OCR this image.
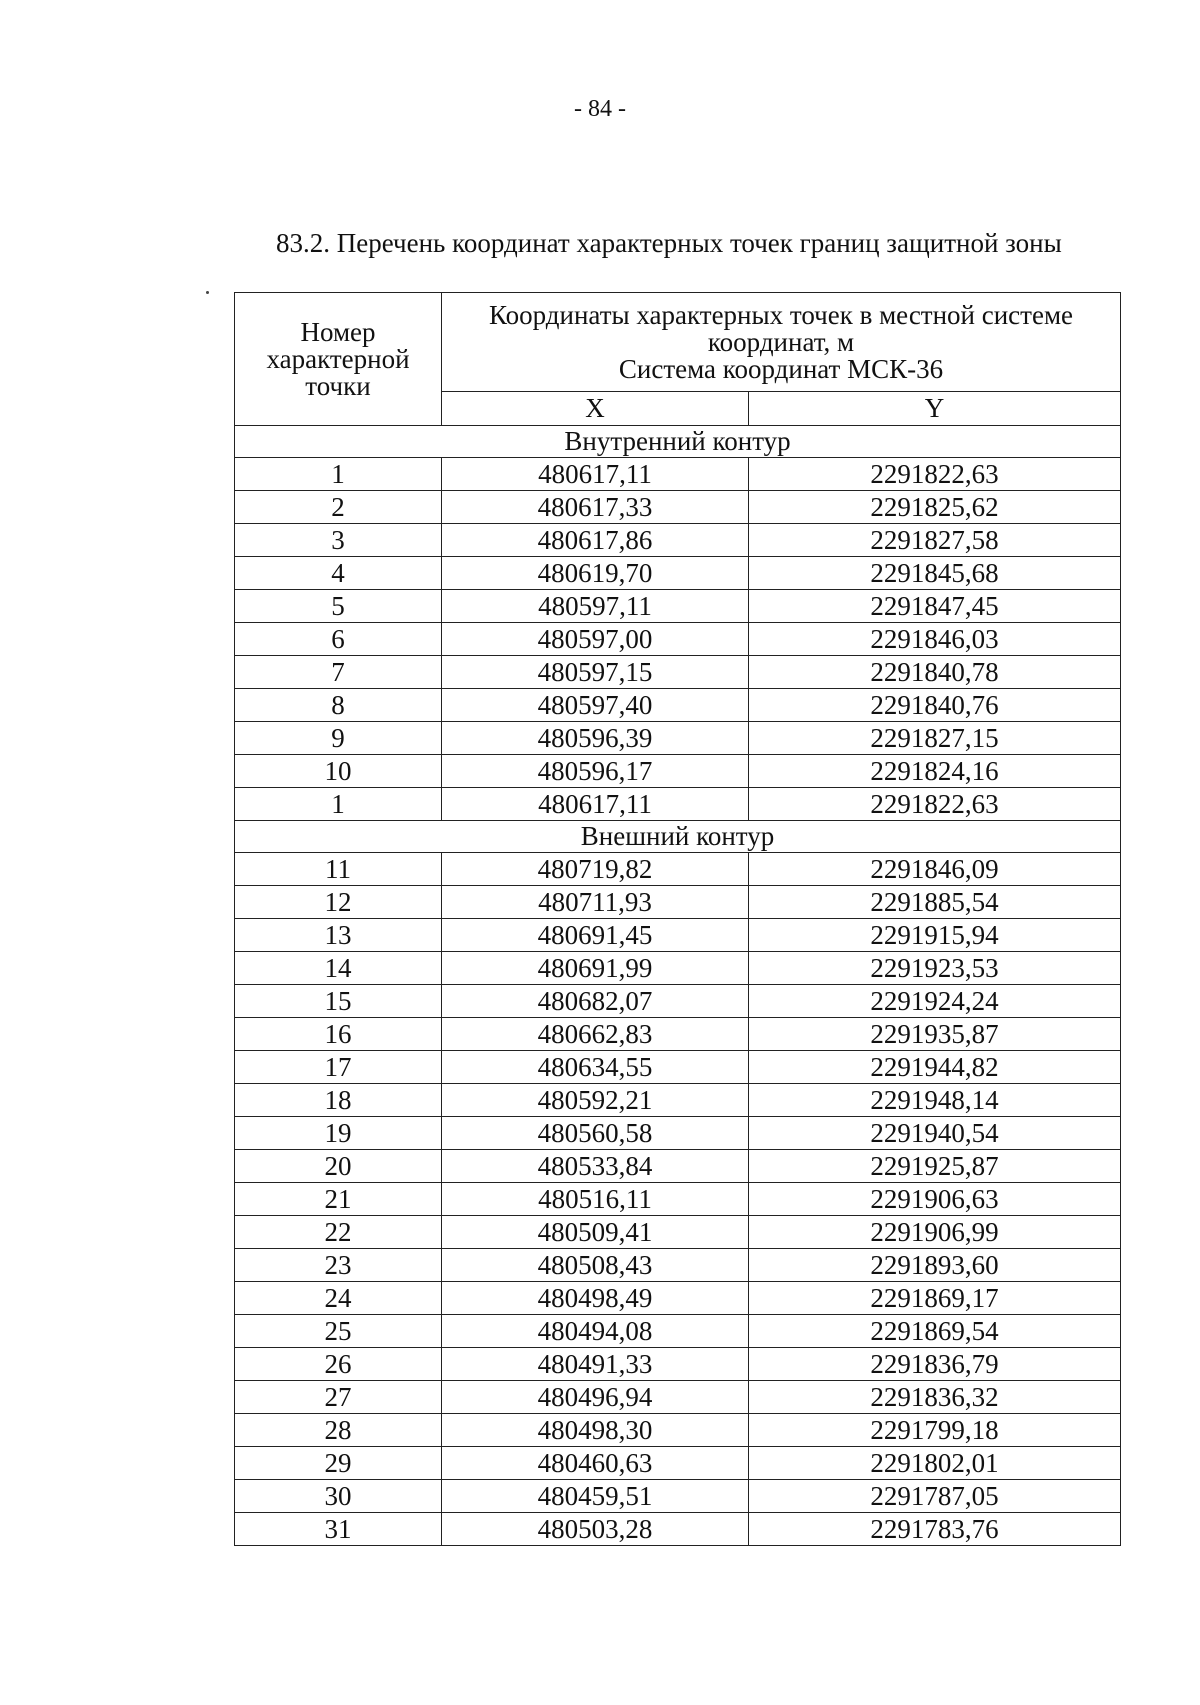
- 84 -
83.2. Перечень координат характерных точек границ защитной зоны
Номер
характерной
точки	Координаты характерных точек в местной системе
координат, м
Система координат МСК-36	
	X	Y
Внутренний контур		
1	480617,11	2291822,63
2	480617,33	2291825,62
3	480617,86	2291827,58
4	480619,70	2291845,68
5	480597,11	2291847,45
6	480597,00	2291846,03
7	480597,15	2291840,78
8	480597,40	2291840,76
9	480596,39	2291827,15
10	480596,17	2291824,16
1	480617,11	2291822,63
Внешний контур		
11	480719,82	2291846,09
12	480711,93	2291885,54
13	480691,45	2291915,94
14	480691,99	2291923,53
15	480682,07	2291924,24
16	480662,83	2291935,87
17	480634,55	2291944,82
18	480592,21	2291948,14
19	480560,58	2291940,54
20	480533,84	2291925,87
21	480516,11	2291906,63
22	480509,41	2291906,99
23	480508,43	2291893,60
24	480498,49	2291869,17
25	480494,08	2291869,54
26	480491,33	2291836,79
27	480496,94	2291836,32
28	480498,30	2291799,18
29	480460,63	2291802,01
30	480459,51	2291787,05
31	480503,28	2291783,76
